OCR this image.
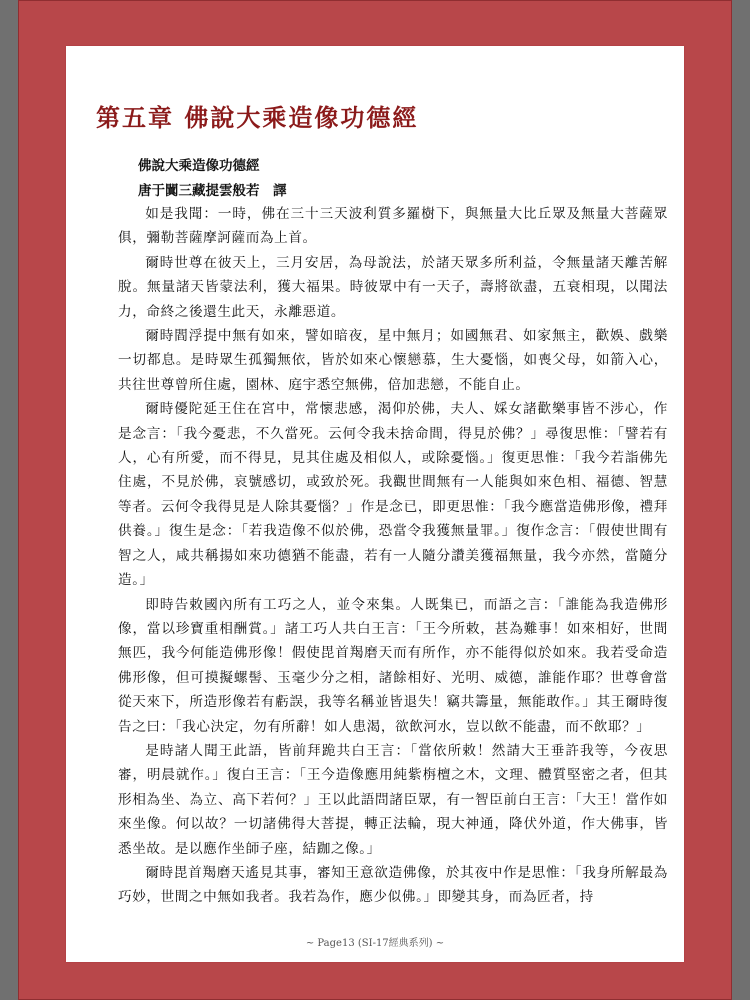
第五章 佛說大乘造像功德經
佛說大乘造像功德經
唐于闐三藏提雲般若　譯

如是我聞：一時，佛在三十三天波利質多羅樹下，與無量大比丘眾及無量大菩薩眾俱，彌勒菩薩摩訶薩而為上首。

爾時世尊在彼天上，三月安居，為母說法，於諸天眾多所利益，令無量諸天離苦解脫。無量諸天皆蒙法利，獲大福果。時彼眾中有一天子，壽將欲盡，五衰相現，以聞法力，命終之後還生此天，永離惡道。

爾時閻浮提中無有如來，譬如暗夜，星中無月；如國無君、如家無主，歡娛、戲樂一切都息。是時眾生孤獨無依，皆於如來心懷戀慕，生大憂惱，如喪父母，如箭入心，共往世尊曾所住處，園林、庭宇悉空無佛，倍加悲戀，不能自止。

爾時優陀延王住在宮中，常懷悲感，渴仰於佛，夫人、婇女諸歡樂事皆不涉心，作是念言：「我今憂悲，不久當死。云何令我未捨命間，得見於佛？」尋復思惟：「譬若有人，心有所愛，而不得見，見其住處及相似人，或除憂惱。」復更思惟：「我今若詣佛先住處，不見於佛，哀號感切，或致於死。我觀世間無有一人能與如來色相、福德、智慧等者。云何令我得見是人除其憂惱？」作是念已，即更思惟：「我今應當造佛形像，禮拜供養。」復生是念：「若我造像不似於佛，恐當令我獲無量罪。」復作念言：「假使世間有智之人，咸共稱揚如來功德猶不能盡，若有一人隨分讚美獲福無量，我今亦然，當隨分造。」

即時告敕國內所有工巧之人，並令來集。人既集已，而語之言：「誰能為我造佛形像，當以珍寶重相酬賞。」諸工巧人共白王言：「王今所敕，甚為難事！如來相好，世間無匹，我今何能造佛形像！假使毘首羯磨天而有所作，亦不能得似於如來。我若受命造佛形像，但可摸擬螺髻、玉毫少分之相，諸餘相好、光明、威德，誰能作耶？世尊會當從天來下，所造形像若有虧誤，我等名稱並皆退失！竊共籌量，無能敢作。」其王爾時復告之曰：「我心決定，勿有所辭！如人患渴，欲飲河水，豈以飲不能盡，而不飲耶？」

是時諸人聞王此語，皆前拜跪共白王言：「當依所敕！然請大王垂許我等，今夜思審，明晨就作。」復白王言：「王今造像應用純紫栴檀之木，文理、體質堅密之者，但其形相為坐、為立、高下若何？」王以此語問諸臣眾，有一智臣前白王言：「大王！當作如來坐像。何以故？一切諸佛得大菩提，轉正法輪，現大神通，降伏外道，作大佛事，皆悉坐故。是以應作坐師子座，結跏之像。」

爾時毘首羯磨天遙見其事，審知王意欲造佛像，於其夜中作是思惟：「我身所解最為巧妙，世間之中無如我者。我若為作，應少似佛。」即變其身，而為匠者，持

~ Page13 (SI-17經典系列) ~
